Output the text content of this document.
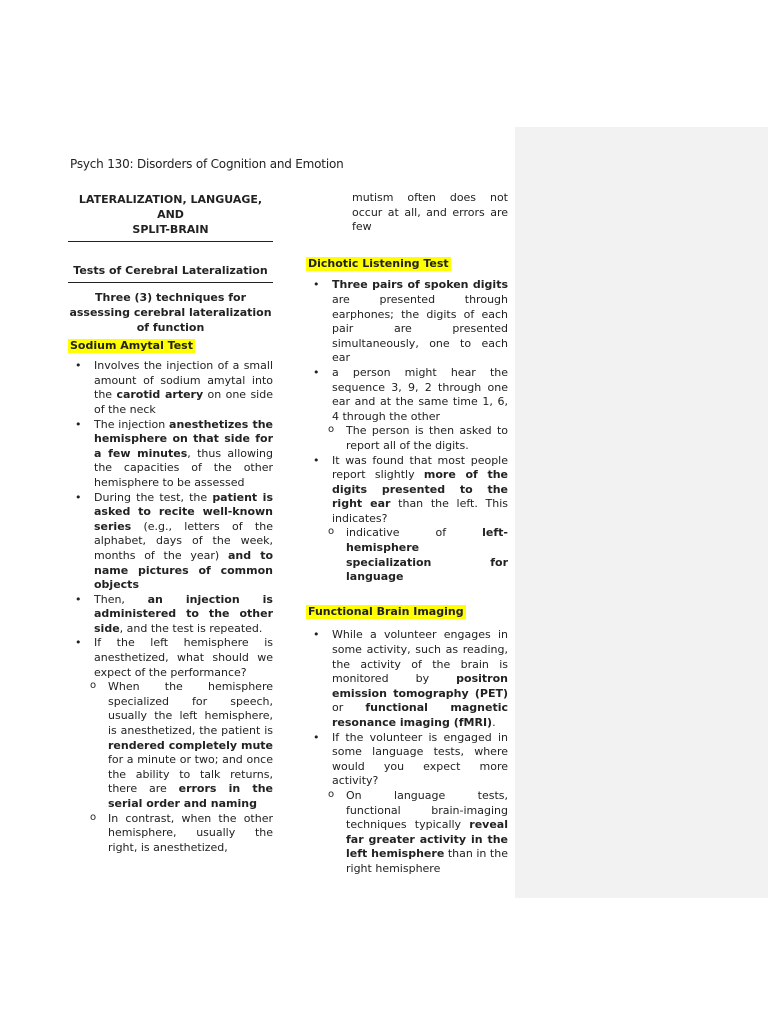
Psych 130: Disorders of Cognition and Emotion
LATERALIZATION, LANGUAGE, AND
SPLIT-BRAIN
Tests of Cerebral Lateralization
Three (3) techniques for assessing cerebral lateralization of function
Sodium Amytal Test
• Involves the injection of a small amount of sodium amytal into the carotid artery on one side of the neck
• The injection anesthetizes the hemisphere on that side for a few minutes, thus allowing the capacities of the other hemisphere to be assessed
• During the test, the patient is asked to recite well-known series (e.g., letters of the alphabet, days of the week, months of the year) and to name pictures of common objects
• Then, an injection is administered to the other side, and the test is repeated.
• If the left hemisphere is anesthetized, what should we expect of the performance?
o When the hemisphere specialized for speech, usually the left hemisphere, is anesthetized, the patient is rendered completely mute for a minute or two; and once the ability to talk returns, there are errors in the serial order and naming
o In contrast, when the other hemisphere, usually the right, is anesthetized,

mutism often does not occur at all, and errors are few

Dichotic Listening Test
• Three pairs of spoken digits are presented through earphones; the digits of each pair are presented simultaneously, one to each ear
• a person might hear the sequence 3, 9, 2 through one ear and at the same time 1, 6, 4 through the other
o The person is then asked to report all of the digits.
• It was found that most people report slightly more of the digits presented to the right ear than the left. This indicates?
o indicative of left-hemisphere specialization for language
Functional Brain Imaging
• While a volunteer engages in some activity, such as reading, the activity of the brain is monitored by positron emission tomography (PET) or functional magnetic resonance imaging (fMRI).
• If the volunteer is engaged in some language tests, where would you expect more activity?
o On language tests, functional brain-imaging techniques typically reveal far greater activity in the left hemisphere than in the right hemisphere
